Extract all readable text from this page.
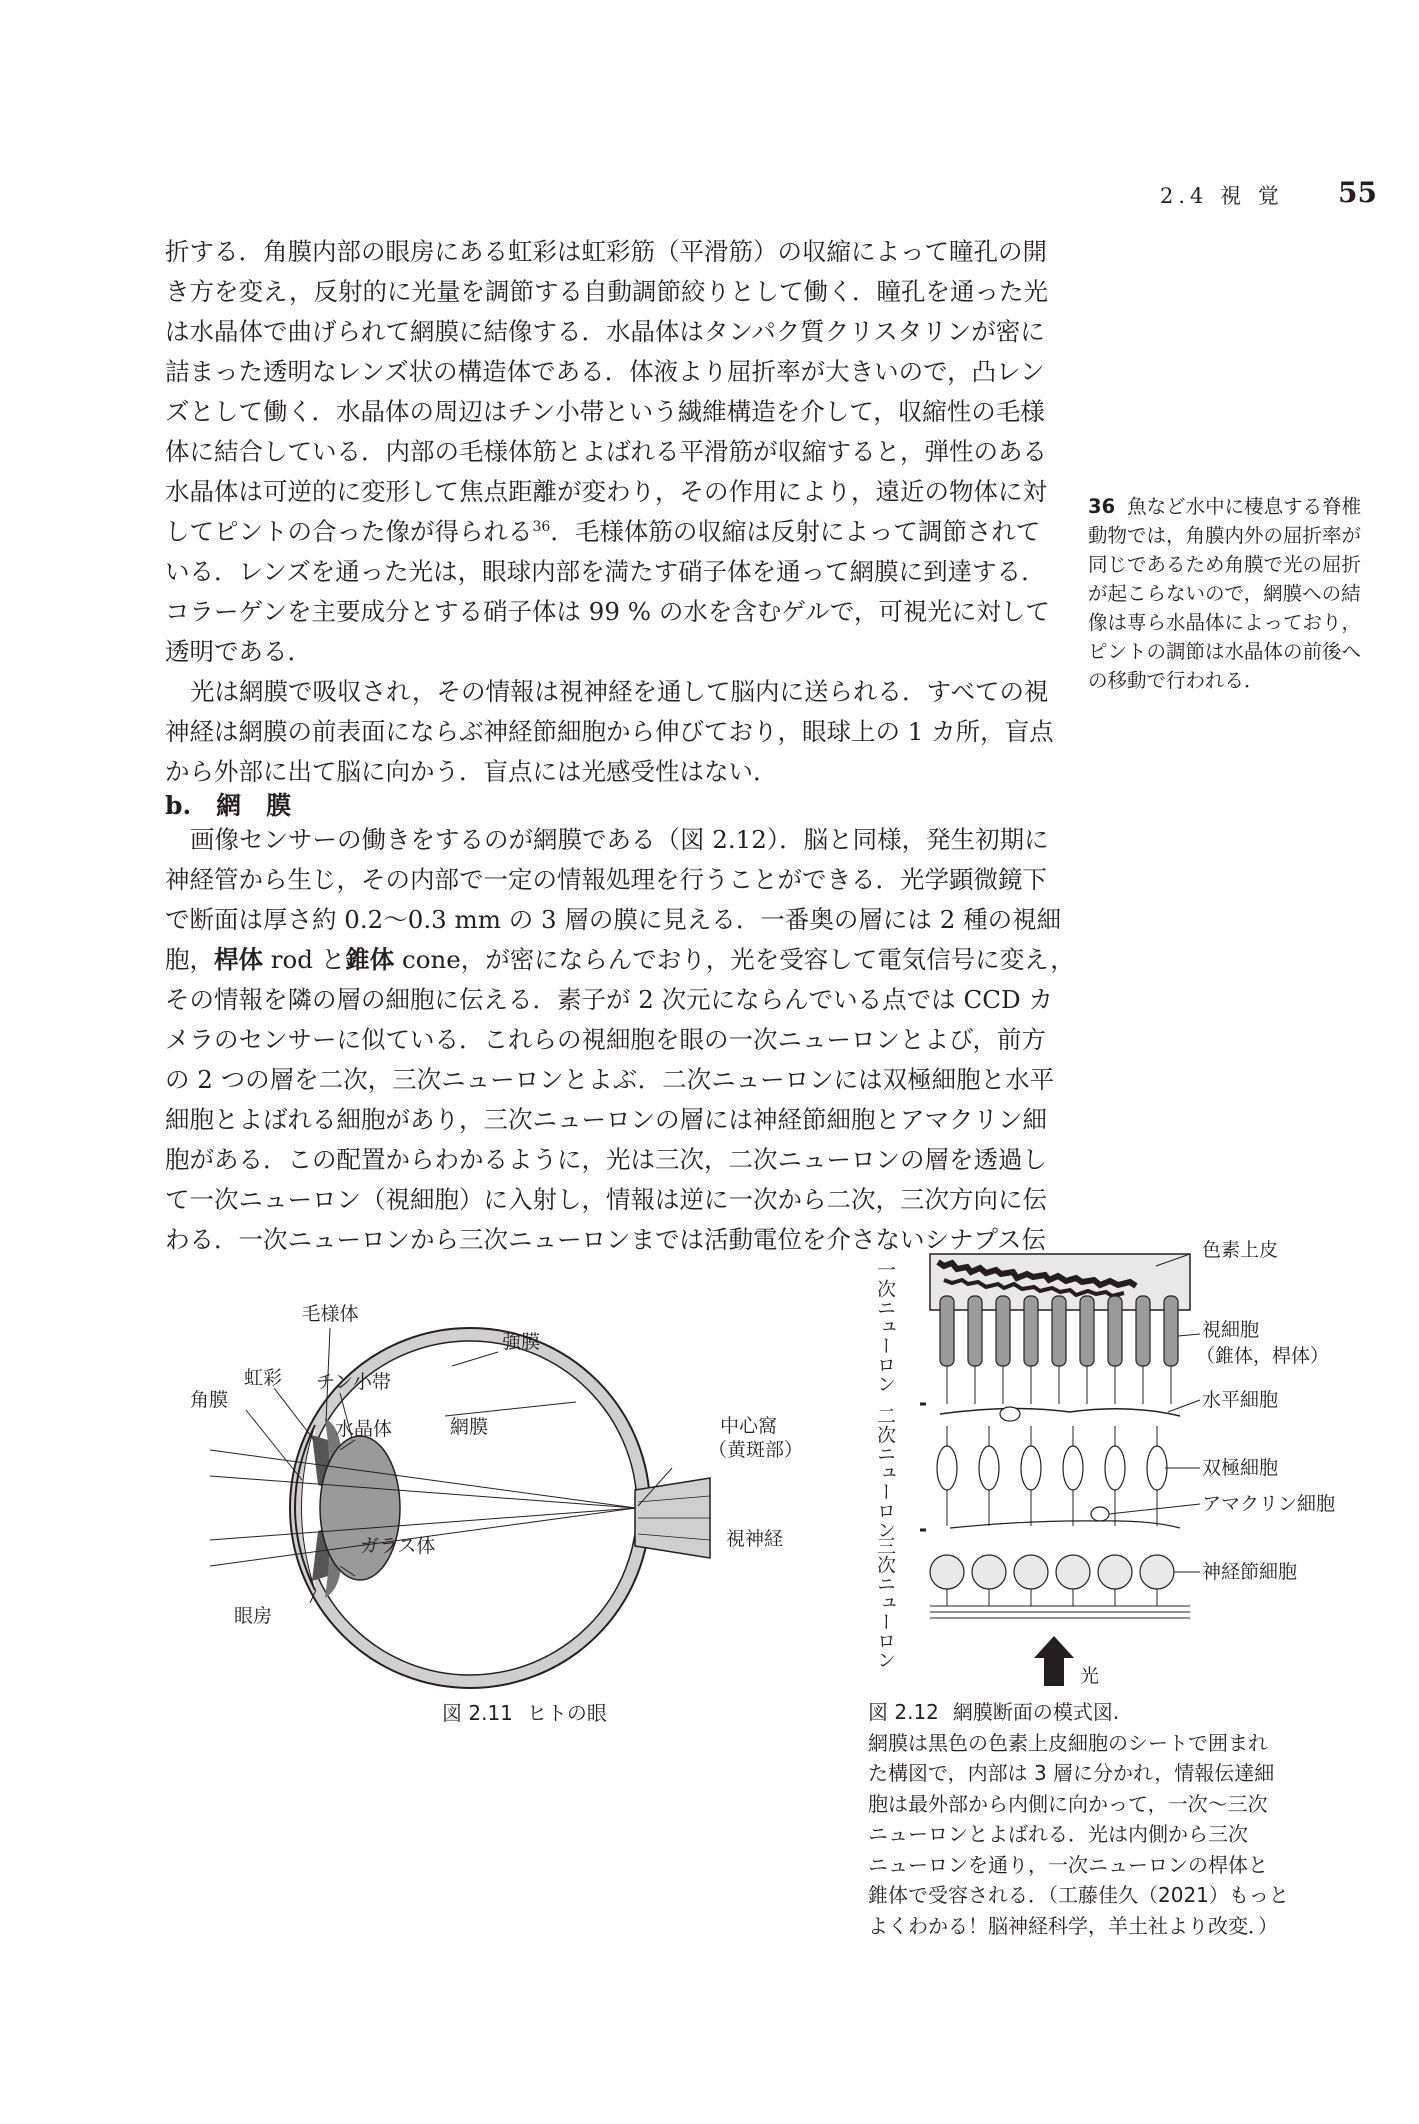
2.4 視 覚 55
折する．角膜内部の眼房にある虹彩は虹彩筋（平滑筋）の収縮によって瞳孔の開
き方を変え，反射的に光量を調節する自動調節絞りとして働く．瞳孔を通った光
は水晶体で曲げられて網膜に結像する．水晶体はタンパク質クリスタリンが密に
詰まった透明なレンズ状の構造体である．体液より屈折率が大きいので，凸レン
ズとして働く．水晶体の周辺はチン小帯という繊維構造を介して，収縮性の毛様
体に結合している．内部の毛様体筋とよばれる平滑筋が収縮すると，弾性のある
水晶体は可逆的に変形して焦点距離が変わり，その作用により，遠近の物体に対
してピントの合った像が得られる$^{36}$．毛様体筋の収縮は反射によって調節されて
いる．レンズを通った光は，眼球内部を満たす硝子体を通って網膜に到達する．
コラーゲンを主要成分とする硝子体は 99 % の水を含むゲルで，可視光に対して
透明である．
光は網膜で吸収され，その情報は視神経を通して脳内に送られる．すべての視
神経は網膜の前表面にならぶ神経節細胞から伸びており，眼球上の 1 カ所，盲点
から外部に出て脳に向かう．盲点には光感受性はない．
b.　網　膜
画像センサーの働きをするのが網膜である（図 2.12）．脳と同様，発生初期に
神経管から生じ，その内部で一定の情報処理を行うことができる．光学顕微鏡下
で断面は厚さ約 0.2〜0.3 mm の 3 層の膜に見える．一番奥の層には 2 種の視細
胞，桿体 rod と錐体 cone，が密にならんでおり，光を受容して電気信号に変え，
その情報を隣の層の細胞に伝える．素子が 2 次元にならんでいる点では CCD カ
メラのセンサーに似ている．これらの視細胞を眼の一次ニューロンとよび，前方
の 2 つの層を二次，三次ニューロンとよぶ．二次ニューロンには双極細胞と水平
細胞とよばれる細胞があり，三次ニューロンの層には神経節細胞とアマクリン細
胞がある．この配置からわかるように，光は三次，二次ニューロンの層を透過し
て一次ニューロン（視細胞）に入射し，情報は逆に一次から二次，三次方向に伝
わる．一次ニューロンから三次ニューロンまでは活動電位を介さないシナプス伝
36 魚など水中に棲息する脊椎動物では，角膜内外の屈折率が同じであるため角膜で光の屈折が起こらないので，網膜への結像は専ら水晶体によっており，ピントの調節は水晶体の前後への移動で行われる．
毛様体
強膜
虹彩 チン小帯
角膜
網膜
水晶体	中心窩
（黄斑部）
視神経
ガラス体
眼房
図 2.11 ヒトの眼
一次ニューロン
二次ニューロン
三次ニューロン
光
色素上皮
視細胞
（錐体，桿体）
水平細胞
双極細胞
アマクリン細胞
神経節細胞
図 2.12 網膜断面の模式図.
網膜は黒色の色素上皮細胞のシートで囲まれ
た構図で，内部は 3 層に分かれ，情報伝達細
胞は最外部から内側に向かって，一次〜三次
ニューロンとよばれる．光は内側から三次
ニューロンを通り，一次ニューロンの桿体と
錐体で受容される．（工藤佳久（2021）もっと
よくわかる！脳神経科学，羊土社より改変．）
